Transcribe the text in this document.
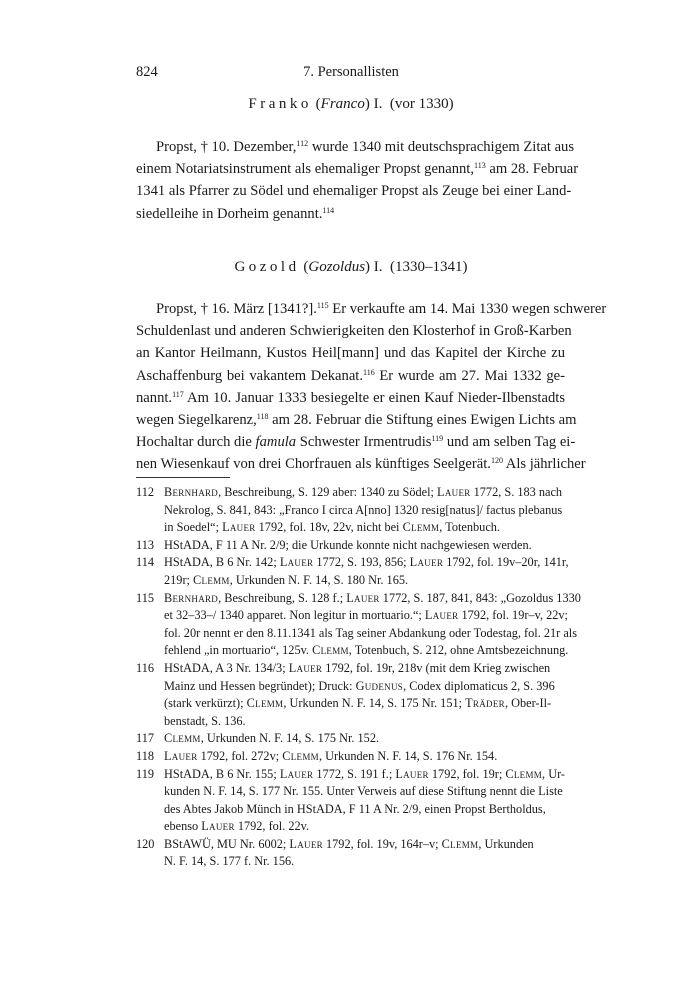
824	7. Personallisten
Franko (Franco) I. (vor 1330)
Propst, † 10. Dezember,$^{112}$ wurde 1340 mit deutschsprachigem Zitat aus
einem Notariatsinstrument als ehemaliger Propst genannt,$^{113}$ am 28. Februar
1341 als Pfarrer zu Södel und ehemaliger Propst als Zeuge bei einer Land-
siedelleihe in Dorheim genannt.$^{114}$
Gozold (Gozoldus) I. (1330–1341)
Propst, † 16. März [1341?].$^{115}$ Er verkaufte am 14. Mai 1330 wegen schwerer
Schuldenlast und anderen Schwierigkeiten den Klosterhof in Groß-Karben
an Kantor Heilmann, Kustos Heil[mann] und das Kapitel der Kirche zu
Aschaffenburg bei vakantem Dekanat.$^{116}$ Er wurde am 27. Mai 1332 ge-
nannt.$^{117}$ Am 10. Januar 1333 besiegelte er einen Kauf Nieder-Ilbenstadts
wegen Siegelkarenz,$^{118}$ am 28. Februar die Stiftung eines Ewigen Lichts am
Hochaltar durch die famula Schwester Irmentrudis$^{119}$ und am selben Tag ei-
nen Wiesenkauf von drei Chorfrauen als künftiges Seelgerät.$^{120}$ Als jährlicher
112 Bernhard, Beschreibung, S. 129 aber: 1340 zu Södel; Lauer 1772, S. 183 nach
Nekrolog, S. 841, 843: „Franco I circa A[nno] 1320 resig[natus]/ factus plebanus
in Soedel“; Lauer 1792, fol. 18v, 22v, nicht bei Clemm, Totenbuch.
113 HStADA, F 11 A Nr. 2/9; die Urkunde konnte nicht nachgewiesen werden.
114 HStADA, B 6 Nr. 142; Lauer 1772, S. 193, 856; Lauer 1792, fol. 19v–20r, 141r,
219r; Clemm, Urkunden N. F. 14, S. 180 Nr. 165.
115 Bernhard, Beschreibung, S. 128 f.; Lauer 1772, S. 187, 841, 843: „Gozoldus 1330
et 32–33–/ 1340 apparet. Non legitur in mortuario.“; Lauer 1792, fol. 19r–v, 22v;
fol. 20r nennt er den 8.11.1341 als Tag seiner Abdankung oder Todestag, fol. 21r als
fehlend „in mortuario“, 125v. Clemm, Totenbuch, S. 212, ohne Amtsbezeichnung.
116 HStADA, A 3 Nr. 134/3; Lauer 1792, fol. 19r, 218v (mit dem Krieg zwischen
Mainz und Hessen begründet); Druck: Gudenus, Codex diplomaticus 2, S. 396
(stark verkürzt); Clemm, Urkunden N. F. 14, S. 175 Nr. 151; Träder, Ober-Il-
benstadt, S. 136.
117 Clemm, Urkunden N. F. 14, S. 175 Nr. 152.
118 Lauer 1792, fol. 272v; Clemm, Urkunden N. F. 14, S. 176 Nr. 154.
119 HStADA, B 6 Nr. 155; Lauer 1772, S. 191 f.; Lauer 1792, fol. 19r; Clemm, Ur-
kunden N. F. 14, S. 177 Nr. 155. Unter Verweis auf diese Stiftung nennt die Liste
des Abtes Jakob Münch in HStADA, F 11 A Nr. 2/9, einen Propst Bertholdus,
ebenso Lauer 1792, fol. 22v.
120 BStAWÜ, MU Nr. 6002; Lauer 1792, fol. 19v, 164r–v; Clemm, Urkunden
N. F. 14, S. 177 f. Nr. 156.
